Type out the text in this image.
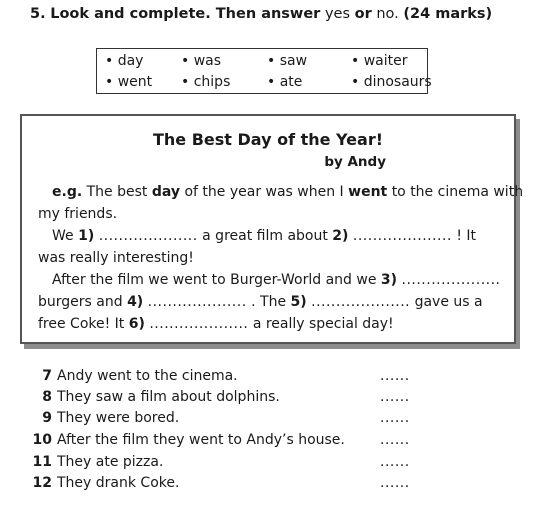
5. Look and complete. Then answer yes or no. (24 marks)
• day	• was	• saw	• waiter
• went	• chips	• ate	• dinosaurs
The Best Day of the Year!
by Andy
e.g. The best day of the year was when I went to the cinema with
my friends.
We 1) .................... a great film about 2) .................... ! It
was really interesting!
After the film we went to Burger-World and we 3) ....................
burgers and 4) .................... . The 5) .................... gave us a
free Coke! It 6) .................... a really special day!
7 Andy went to the cinema.	......
8 They saw a film about dolphins.	......
9 They were bored.	......
10 After the film they went to Andy’s house.	......
11 They ate pizza.	......
12 They drank Coke.	......
